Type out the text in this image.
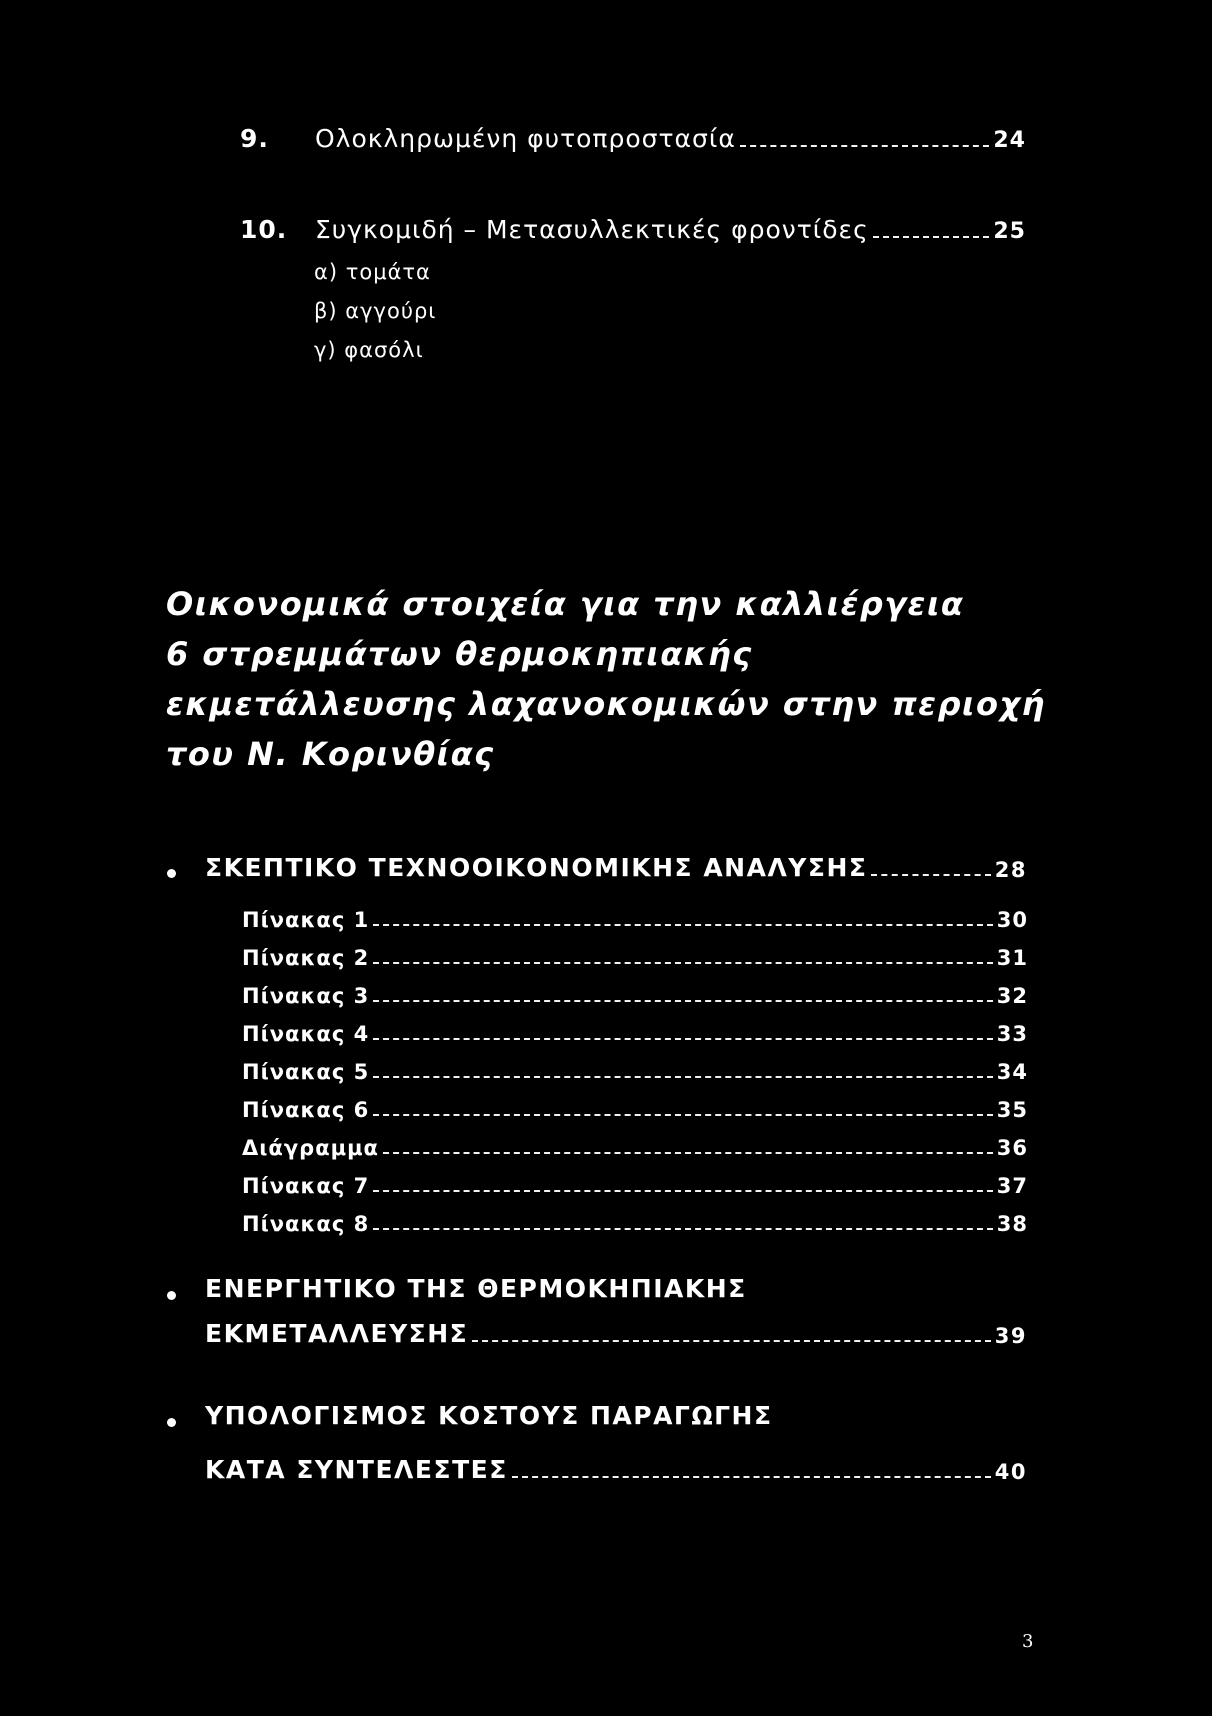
9.	Ολοκληρωμένη φυτοπροστασία	24
10.	Συγκομιδή – Μετασυλλεκτικές φροντίδες	25
α) τομάτα
β) αγγούρι
γ) φασόλι
Οικονομικά στοιχεία για την καλλιέργεια
6 στρεμμάτων θερμοκηπιακής
εκμετάλλευσης λαχανοκομικών στην περιοχή
του Ν. Κορινθίας
ΣΚΕΠΤΙΚΟ ΤΕΧΝΟΟΙΚΟΝΟΜΙΚΗΣ ΑΝΑΛΥΣΗΣ	28
Πίνακας 1	30
Πίνακας 2	31
Πίνακας 3	32
Πίνακας 4	33
Πίνακας 5	34
Πίνακας 6	35
Διάγραμμα	36
Πίνακας 7	37
Πίνακας 8	38
ΕΝΕΡΓΗΤΙΚΟ ΤΗΣ ΘΕΡΜΟΚΗΠΙΑΚΗΣ
ΕΚΜΕΤΑΛΛΕΥΣΗΣ	39
ΥΠΟΛΟΓΙΣΜΟΣ ΚΟΣΤΟΥΣ ΠΑΡΑΓΩΓΗΣ
ΚΑΤΑ ΣΥΝΤΕΛΕΣΤΕΣ	40
3
